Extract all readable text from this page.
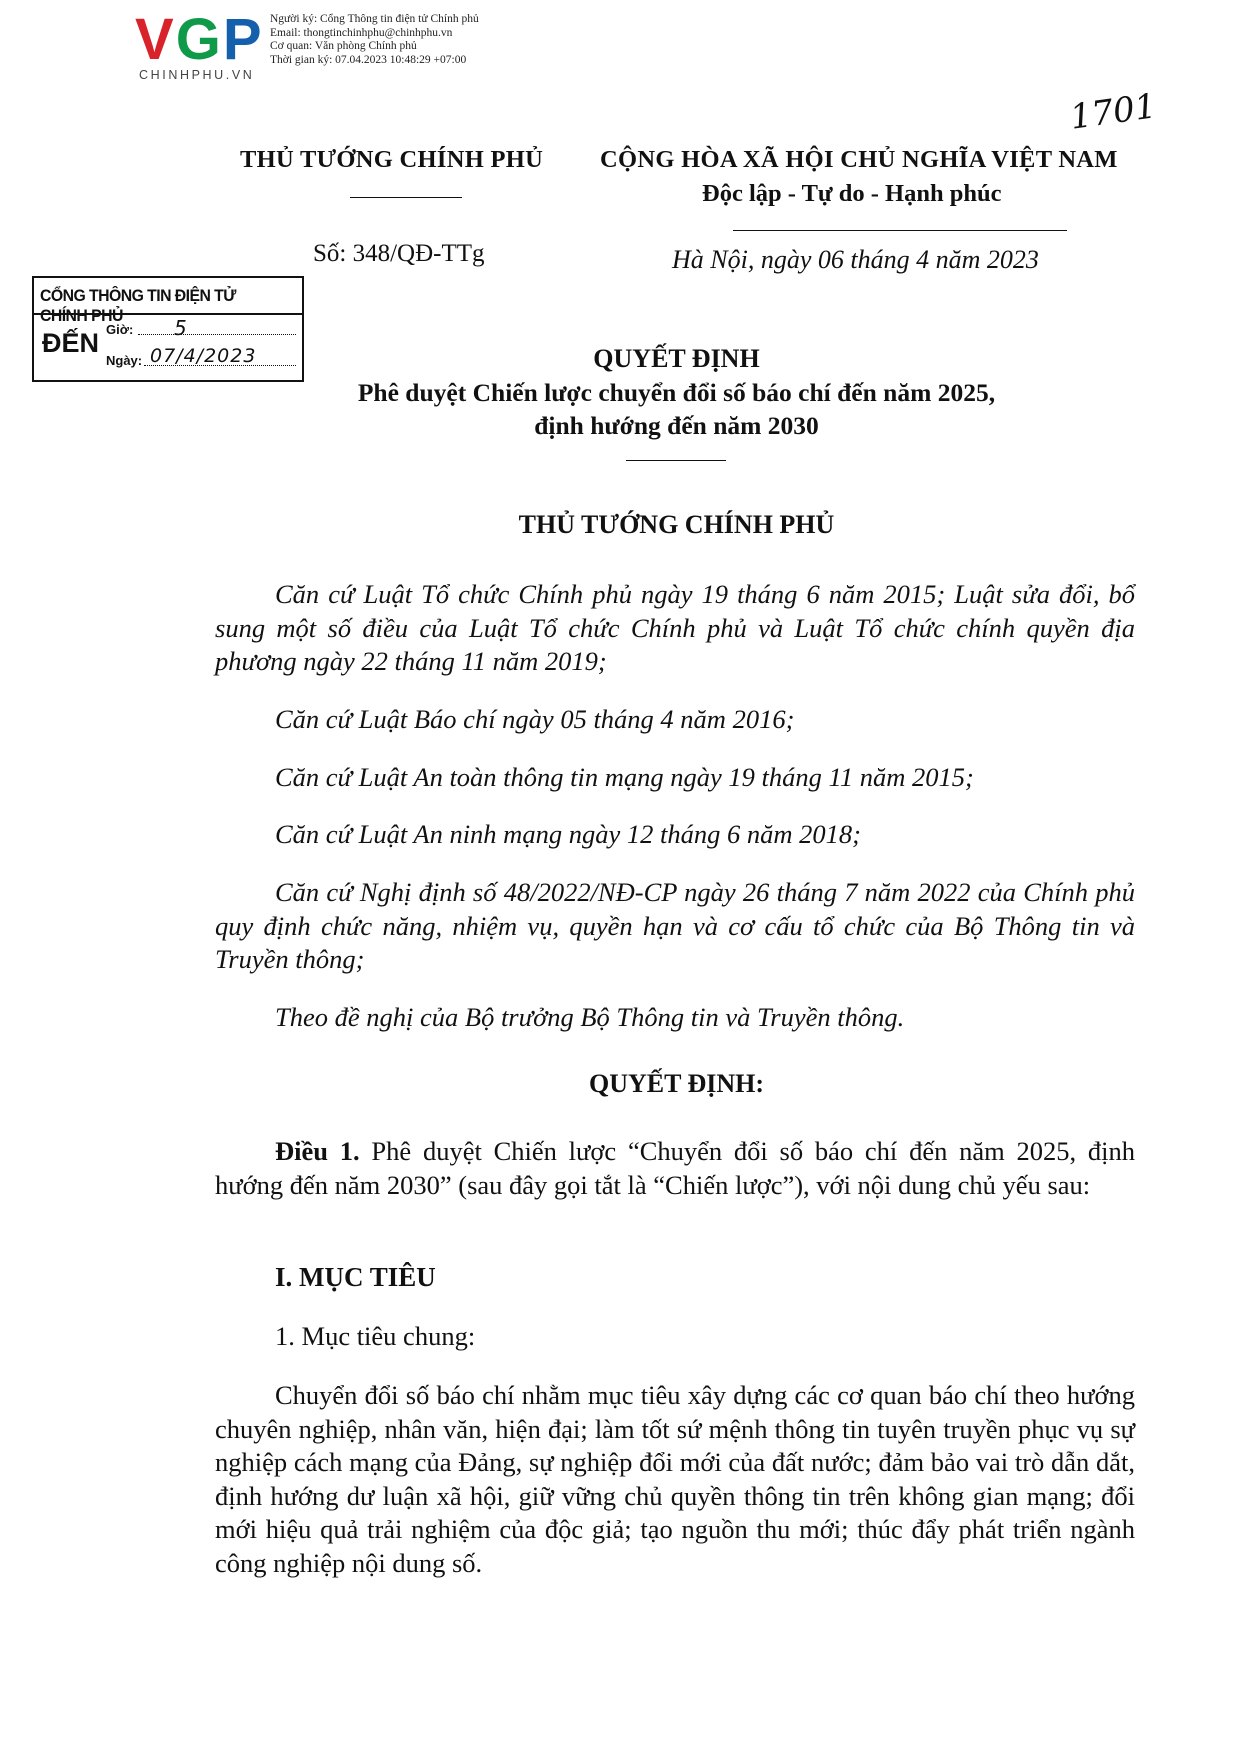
VGP
CHINHPHU.VN
Người ký: Cổng Thông tin điện tử Chính phủ
Email: thongtinchinhphu@chinhphu.vn
Cơ quan: Văn phòng Chính phủ
Thời gian ký: 07.04.2023 10:48:29 +07:00
1701
THỦ TƯỚNG CHÍNH PHỦ CỘNG HÒA XÃ HỘI CHỦ NGHĨA VIỆT NAM
Độc lập - Tự do - Hạnh phúc
Số: 348/QĐ-TTg	Hà Nội, ngày 06 tháng 4 năm 2023
CỔNG THÔNG TIN ĐIỆN TỬ CHÍNH PHỦ
ĐẾN Giờ: 5
Ngày: 07/4/2023	QUYẾT ĐỊNH
Phê duyệt Chiến lược chuyển đổi số báo chí đến năm 2025,
định hướng đến năm 2030
THỦ TƯỚNG CHÍNH PHỦ
Căn cứ Luật Tổ chức Chính phủ ngày 19 tháng 6 năm 2015; Luật sửa đổi, bổ sung một số điều của Luật Tổ chức Chính phủ và Luật Tổ chức chính quyền địa phương ngày 22 tháng 11 năm 2019;
Căn cứ Luật Báo chí ngày 05 tháng 4 năm 2016;
Căn cứ Luật An toàn thông tin mạng ngày 19 tháng 11 năm 2015;
Căn cứ Luật An ninh mạng ngày 12 tháng 6 năm 2018;
Căn cứ Nghị định số 48/2022/NĐ-CP ngày 26 tháng 7 năm 2022 của Chính phủ quy định chức năng, nhiệm vụ, quyền hạn và cơ cấu tổ chức của Bộ Thông tin và Truyền thông;
Theo đề nghị của Bộ trưởng Bộ Thông tin và Truyền thông.
QUYẾT ĐỊNH:
Điều 1. Phê duyệt Chiến lược “Chuyển đổi số báo chí đến năm 2025, định hướng đến năm 2030” (sau đây gọi tắt là “Chiến lược”), với nội dung chủ yếu sau:
I. MỤC TIÊU
1. Mục tiêu chung:
Chuyển đổi số báo chí nhằm mục tiêu xây dựng các cơ quan báo chí theo hướng chuyên nghiệp, nhân văn, hiện đại; làm tốt sứ mệnh thông tin tuyên truyền phục vụ sự nghiệp cách mạng của Đảng, sự nghiệp đổi mới của đất nước; đảm bảo vai trò dẫn dắt, định hướng dư luận xã hội, giữ vững chủ quyền thông tin trên không gian mạng; đổi mới hiệu quả trải nghiệm của độc giả; tạo nguồn thu mới; thúc đẩy phát triển ngành công nghiệp nội dung số.
